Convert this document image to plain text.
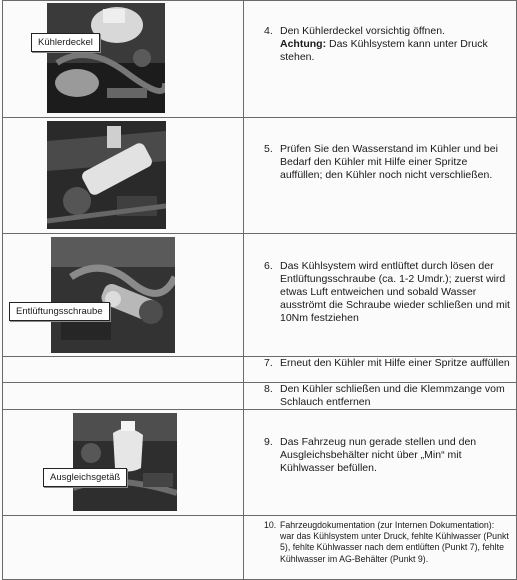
Kühlerdeckel	4. Den Kühlerdeckel vorsichtig öffnen.
Achtung: Das Kühlsystem kann unter Druck stehen.

5. Prüfen Sie den Wasserstand im Kühler und bei Bedarf den Kühler mit Hilfe einer Spritze auffüllen; den Kühler noch nicht verschließen.

Entlüftungsschraube	6. Das Kühlsystem wird entlüftet durch lösen der Entlüftungsschraube (ca. 1-2 Umdr.); zuerst wird etwas Luft entweichen und sobald Wasser ausströmt die Schraube wieder schließen und mit 10Nm festziehen

	7. Erneut den Kühler mit Hilfe einer Spritze auffüllen

	8. Den Kühler schließen und die Klemmzange vom Schlauch entfernen

Ausgleichsgetäß	9. Das Fahrzeug nun gerade stellen und den Ausgleichsbehälter nicht über „Min“ mit Kühlwasser befüllen.

	10. Fahrzeugdokumentation (zur Internen Dokumentation): war das Kühlsystem unter Druck, fehlte Kühlwasser (Punkt 5), fehlte Kühlwasser nach dem entlüften (Punkt 7), fehlte Kühlwasser im AG-Behälter (Punkt 9).
